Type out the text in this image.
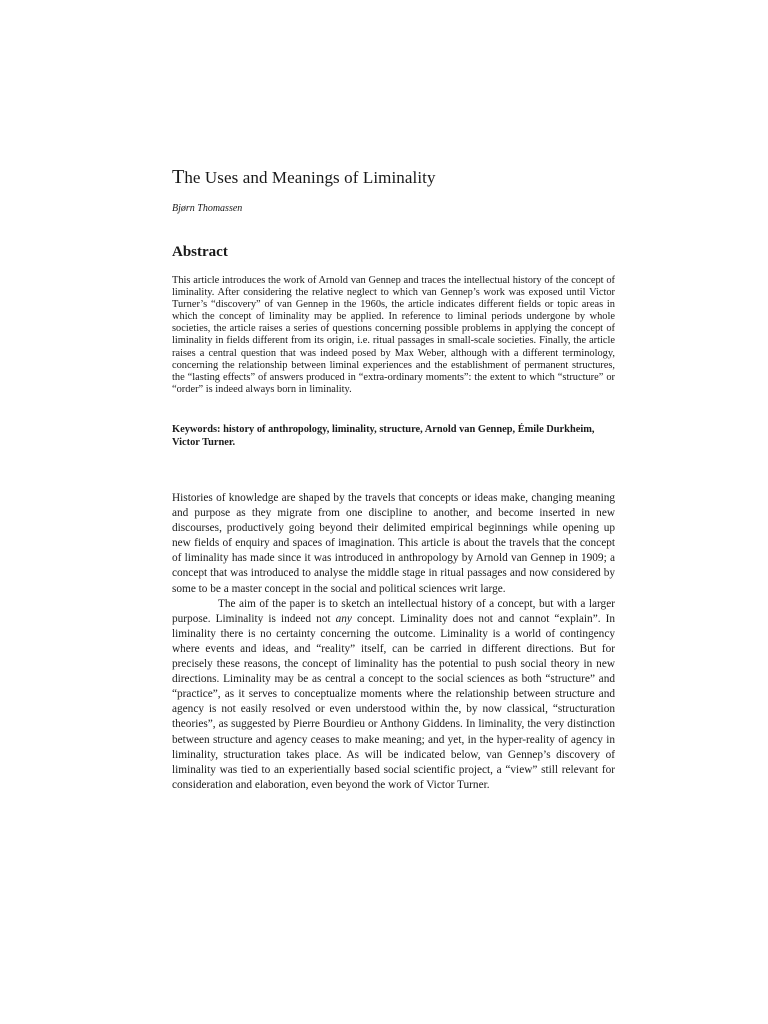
The Uses and Meanings of Liminality
Bjørn Thomassen
Abstract
This article introduces the work of Arnold van Gennep and traces the intellectual history of the concept of liminality. After considering the relative neglect to which van Gennep’s work was exposed until Victor Turner’s “discovery” of van Gennep in the 1960s, the article indicates different fields or topic areas in which the concept of liminality may be applied. In reference to liminal periods undergone by whole societies, the article raises a series of questions concerning possible problems in applying the concept of liminality in fields different from its origin, i.e. ritual passages in small-scale societies. Finally, the article raises a central question that was indeed posed by Max Weber, although with a different terminology, concerning the relationship between liminal experiences and the establishment of permanent structures, the “lasting effects” of answers produced in “extra-ordinary moments”: the extent to which “structure” or “order” is indeed always born in liminality.
Keywords: history of anthropology, liminality, structure, Arnold van Gennep, Émile Durkheim, Victor Turner.

Histories of knowledge are shaped by the travels that concepts or ideas make, changing meaning and purpose as they migrate from one discipline to another, and become inserted in new discourses, productively going beyond their delimited empirical beginnings while opening up new fields of enquiry and spaces of imagination. This article is about the travels that the concept of liminality has made since it was introduced in anthropology by Arnold van Gennep in 1909; a concept that was introduced to analyse the middle stage in ritual passages and now considered by some to be a master concept in the social and political sciences writ large.

The aim of the paper is to sketch an intellectual history of a concept, but with a larger purpose. Liminality is indeed not any concept. Liminality does not and cannot “explain”. In liminality there is no certainty concerning the outcome. Liminality is a world of contingency where events and ideas, and “reality” itself, can be carried in different directions. But for precisely these reasons, the concept of liminality has the potential to push social theory in new directions. Liminality may be as central a concept to the social sciences as both “structure” and “practice”, as it serves to conceptualize moments where the relationship between structure and agency is not easily resolved or even understood within the, by now classical, “structuration theories”, as suggested by Pierre Bourdieu or Anthony Giddens. In liminality, the very distinction between structure and agency ceases to make meaning; and yet, in the hyper-reality of agency in liminality, structuration takes place. As will be indicated below, van Gennep’s discovery of liminality was tied to an experientially based social scientific project, a “view” still relevant for consideration and elaboration, even beyond the work of Victor Turner.
